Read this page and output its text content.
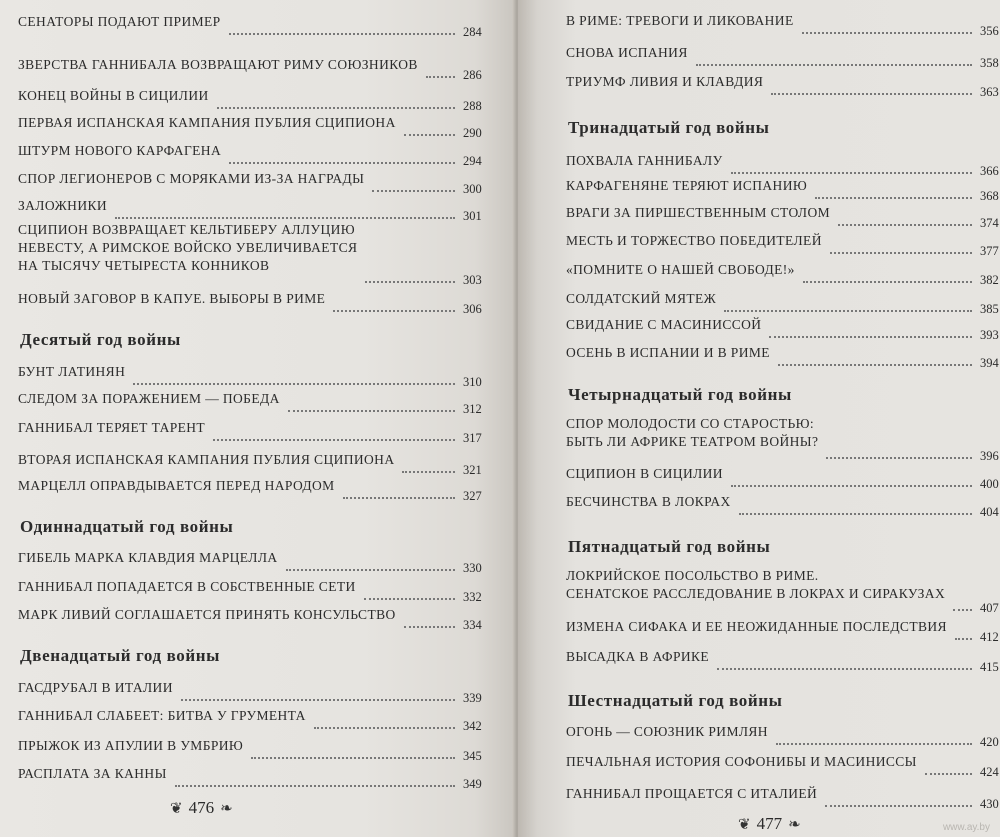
СЕНАТОРЫ ПОДАЮТ ПРИМЕР
284
ЗВЕРСТВА ГАННИБАЛА ВОЗВРАЩАЮТ РИМУ СОЮЗНИКОВ
286
КОНЕЦ ВОЙНЫ В СИЦИЛИИ
288
ПЕРВАЯ ИСПАНСКАЯ КАМПАНИЯ ПУБЛИЯ СЦИПИОНА
290
ШТУРМ НОВОГО КАРФАГЕНА
294
СПОР ЛЕГИОНЕРОВ С МОРЯКАМИ ИЗ-ЗА НАГРАДЫ
300
ЗАЛОЖНИКИ
301
СЦИПИОН ВОЗВРАЩАЕТ КЕЛЬТИБЕРУ АЛЛУЦИЮ
НЕВЕСТУ, А РИМСКОЕ ВОЙСКО УВЕЛИЧИВАЕТСЯ
НА ТЫСЯЧУ ЧЕТЫРЕСТА КОННИКОВ
303
НОВЫЙ ЗАГОВОР В КАПУЕ. ВЫБОРЫ В РИМЕ
306
Десятый год войны
БУНТ ЛАТИНЯН
310
СЛЕДОМ ЗА ПОРАЖЕНИЕМ — ПОБЕДА
312
ГАННИБАЛ ТЕРЯЕТ ТАРЕНТ
317
ВТОРАЯ ИСПАНСКАЯ КАМПАНИЯ ПУБЛИЯ СЦИПИОНА
321
МАРЦЕЛЛ ОПРАВДЫВАЕТСЯ ПЕРЕД НАРОДОМ
327
Одиннадцатый год войны
ГИБЕЛЬ МАРКА КЛАВДИЯ МАРЦЕЛЛА
330
ГАННИБАЛ ПОПАДАЕТСЯ В СОБСТВЕННЫЕ СЕТИ
332
МАРК ЛИВИЙ СОГЛАШАЕТСЯ ПРИНЯТЬ КОНСУЛЬСТВО
334
Двенадцатый год войны
ГАСДРУБАЛ В ИТАЛИИ
339
ГАННИБАЛ СЛАБЕЕТ: БИТВА У ГРУМЕНТА
342
ПРЫЖОК ИЗ АПУЛИИ В УМБРИЮ
345
РАСПЛАТА ЗА КАННЫ
349
❦ 476 ❧
В РИМЕ: ТРЕВОГИ И ЛИКОВАНИЕ
356
СНОВА ИСПАНИЯ
358
ТРИУМФ ЛИВИЯ И КЛАВДИЯ
363
Тринадцатый год войны
ПОХВАЛА ГАННИБАЛУ
366
КАРФАГЕНЯНЕ ТЕРЯЮТ ИСПАНИЮ
368
ВРАГИ ЗА ПИРШЕСТВЕННЫМ СТОЛОМ
374
МЕСТЬ И ТОРЖЕСТВО ПОБЕДИТЕЛЕЙ
377
«ПОМНИТЕ О НАШЕЙ СВОБОДЕ!»
382
СОЛДАТСКИЙ МЯТЕЖ
385
СВИДАНИЕ С МАСИНИССОЙ
393
ОСЕНЬ В ИСПАНИИ И В РИМЕ
394
Четырнадцатый год войны
СПОР МОЛОДОСТИ СО СТАРОСТЬЮ:
БЫТЬ ЛИ АФРИКЕ ТЕАТРОМ ВОЙНЫ?
396
СЦИПИОН В СИЦИЛИИ
400
БЕСЧИНСТВА В ЛОКРАХ
404
Пятнадцатый год войны
ЛОКРИЙСКОЕ ПОСОЛЬСТВО В РИМЕ.
СЕНАТСКОЕ РАССЛЕДОВАНИЕ В ЛОКРАХ И СИРАКУЗАХ
407
ИЗМЕНА СИФАКА И ЕЕ НЕОЖИДАННЫЕ ПОСЛЕДСТВИЯ
412
ВЫСАДКА В АФРИКЕ
415
Шестнадцатый год войны
ОГОНЬ — СОЮЗНИК РИМЛЯН
420
ПЕЧАЛЬНАЯ ИСТОРИЯ СОФОНИБЫ И МАСИНИССЫ
424
ГАННИБАЛ ПРОЩАЕТСЯ С ИТАЛИЕЙ
430
❦ 477 ❧	www.ay.by
